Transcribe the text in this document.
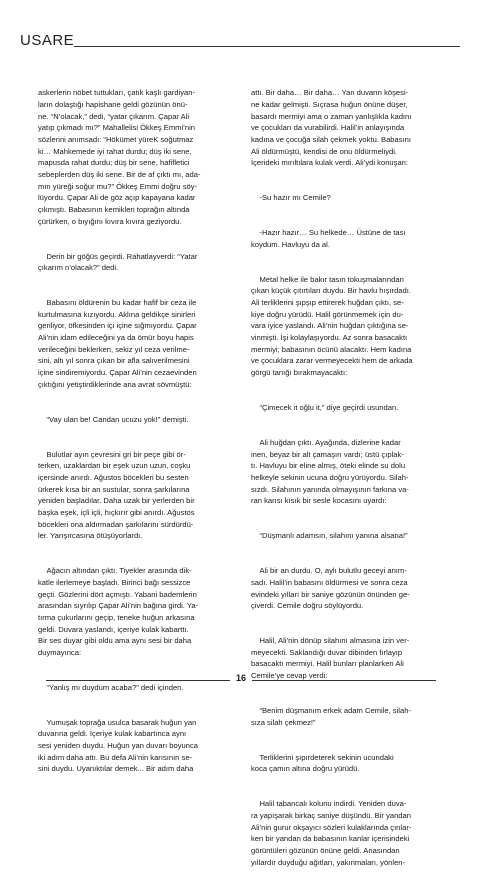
USARE

askerlerin nöbet tuttukları, çatık kaşlı gardiyan-
ların dolaştığı hapishane geldi gözünün önü-
ne. “N’olacak,” dedi, “yatar çıkarım. Çapar Ali
yatıp çıkmadı mı?” Mahallelisi Ökkeş Emmi’nin
sözlerini anımsadı: “Hökümet yüreK soğutmaz
ki… Mahkemede iyi rahat durdu; düş iki sene,
mapusda rahat durdu; düş bir sene, hafifletici
sebeplerden düş iki sene. Bir de af çıktı mı, ada-
mın yüreği soğur mu?” Ökkeş Emmi doğru söy-
lüyordu. Çapar Ali de göz açıp kapayana kadar
çıkmıştı. Babasının kemikleri toprağın altında
çürürken, o bıyığını kıvıra kıvıra geziyordu.

Derin bir göğüs geçirdi. Rahatlayverdi: “Yatar
çıkarım n’olacak?” dedi.

Babasını öldürenin bu kadar hafif bir ceza ile
kurtulmasına kızıyordu. Aklına geldikçe sinirleri
geriliyor, öfkesinden içi içine sığmıyordu. Çapar
Ali’nin idam edileceğini ya da ömür boyu hapis
verileceğini beklerken, sekiz yıl ceza verilme-
sini, altı yıl sonra çıkan bir afla salıverilmesini
içine sindiremiyordu. Çapar Ali’nin cezaevinden
çıktığını yetiştirdiklerinde ana avrat sövmüştü:

“Vay ulan be! Candan ucuzu yok!” demişti.

Bulutlar ayın çevresini gri bir peçe gibi ör-
terken, uzaklardan bir eşek uzun uzun, coşku
içersinde anırdı. Ağustos böcekleri bu sesten
ürkerek kısa bir an sustular, sonra şarkılarına
yeniden başladılar. Daha uzak bir yerlerden bir
başka eşek, içli içli, hıçkırır gibi anırdı. Ağustos
böcekleri ona aldırmadan şarkılarını sürdürdü-
ler. Yarışırcasına ötüşüyorlardı.

Ağacın altından çıktı. Tiyekler arasında dik-
katle ilerlemeye başladı. Birinci bağı sessizce
geçti. Gözlerini dört açmıştı. Yabani bademlerin
arasından sıyrılıp Çapar Ali’nin bağına girdi. Ya-
tırma çukurlarını geçip, teneke huğun arkasına
geldi. Duvara yaslandı, içeriye kulak kabarttı.
Bir ses duyar gibi oldu ama aynı sesi bir daha
duymayınca:

“Yanlış mı duydum acaba?” dedi içinden.

Yumuşak toprağa usulca basarak huğun yan
duvarına geldi. İçeriye kulak kabartınca aynı
sesi yeniden duydu. Huğun yan duvarı boyunca
iki adım daha attı. Bu defa Ali’nin karısının se-
sini duydu. Uyanıktılar demek... Bir adım daha

attı. Bir daha… Bir daha… Yan duvarın köşesi-
ne kadar gelmişti. Sıçrasa huğun önüne düşer,
basardı mermiyi ama o zaman yanlışlıkla kadını
ve çocukları da vurabilirdi. Halil’in anlayışında
kadına ve çocuğa silah çekmek yoktu. Babasını
Ali öldürmüştü, kendisi de onu öldürmeliydi.
İçerideki mırıltılara kulak verdi. Ali’ydi konuşan:

-Su hazır mı Cemile?

-Hazır hazır… Su helkede… Üstüne de tası
koydum. Havluyu da al.

Metal helke ile bakır tasın tokuşmalarından
çıkan küçük çıtırtıları duydu. Bir havlu hışırdadı.
Ali terliklerini şıpşıp ettirerek huğdan çıktı, se-
kiye doğru yürüdü. Halil görünmemek için du-
vara iyice yaslandı. Ali’nin huğdan çıktığına se-
vinmişti. İşi kolaylaşıyordu. Az sonra basacaktı
mermiyi; babasının öcünü alacaktı. Hem kadına
ve çocuklara zarar vermeyecekti hem de arkada
görgü tanığı bırakmayacaktı:

“Çimecek it oğlu it,” diye geçirdi usundan.

Ali huğdan çıktı. Ayağında, dizlerine kadar
inen, beyaz bir alt çamaşırı vardı; üstü çıplak-
tı. Havluyu bir eline almış, öteki elinde su dolu
helkeyle sekinin ucuna doğru yürüyordu. Silah-
sızdı. Silahının yanında olmayışının farkına va-
ran karısı kısık bir sesle kocasını uyardı:

“Düşmanlı adamsın, silahını yanına alsana!”

Ali bir an durdu. O, aylı bulutlu geceyi anım-
sadı. Halil’in babasını öldürmesi ve sonra ceza
evindeki yılları bir saniye gözünün önünden ge-
çiverdi. Cemile doğru söylüyordu.

Halil, Ali’nin dönüp silahını almasına izin ver-
meyecekti. Saklandığı duvar dibinden fırlayıp
basacaktı mermiyi. Halil bunları planlarken Ali
Cemile’ye cevap verdi:

“Benim düşmanım erkek adam Cemile, silah-
sıza silah çekmez!”

Terliklerini şıpırdeterek sekinin ucundaki
koca çamın altına doğru yürüdü.

Halil tabancalı kolunu indirdi. Yeniden duva-
ra yapışarak birkaç saniye düşündü. Bir yandan
Ali’nin gurur okşayıcı sözleri kulaklarında çınlar-
ken bir yandan da babasının kanlar içerisindeki
görüntüleri gözünün önüne geldi. Anasından
yıllardır duyduğu ağıtları, yakınmaları, yönlen-

16
